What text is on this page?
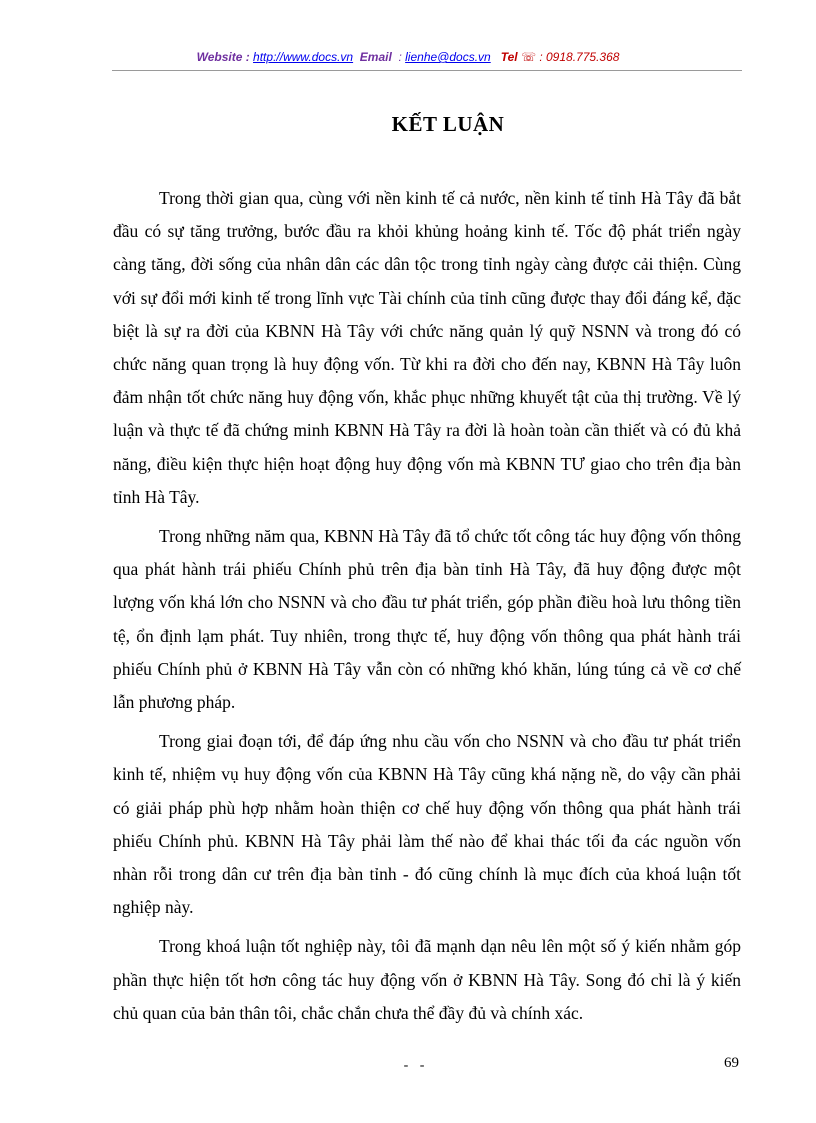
Website : http://www.docs.vn Email : lienhe@docs.vn Tel ☏ : 0918.775.368
KẾT LUẬN

Trong thời gian qua, cùng với nền kinh tế cả nước, nền kinh tế tỉnh Hà Tây đã bắt đầu có sự tăng trưởng, bước đầu ra khỏi khủng hoảng kinh tế. Tốc độ phát triển ngày càng tăng, đời sống của nhân dân các dân tộc trong tỉnh ngày càng được cải thiện. Cùng với sự đổi mới kinh tế trong lĩnh vực Tài chính của tỉnh cũng được thay đổi đáng kể, đặc biệt là sự ra đời của KBNN Hà Tây với chức năng quản lý quỹ NSNN và trong đó có chức năng quan trọng là huy động vốn. Từ khi ra đời cho đến nay, KBNN Hà Tây luôn đảm nhận tốt chức năng huy động vốn, khắc phục những khuyết tật của thị trường. Về lý luận và thực tế đã chứng minh KBNN Hà Tây ra đời là hoàn toàn cần thiết và có đủ khả năng, điều kiện thực hiện hoạt động huy động vốn mà KBNN TƯ giao cho trên địa bàn tỉnh Hà Tây.

Trong những năm qua, KBNN Hà Tây đã tổ chức tốt công tác huy động vốn thông qua phát hành trái phiếu Chính phủ trên địa bàn tỉnh Hà Tây, đã huy động được một lượng vốn khá lớn cho NSNN và cho đầu tư phát triển, góp phần điều hoà lưu thông tiền tệ, ổn định lạm phát. Tuy nhiên, trong thực tế, huy động vốn thông qua phát hành trái phiếu Chính phủ ở KBNN Hà Tây vẫn còn có những khó khăn, lúng túng cả về cơ chế lẫn phương pháp.

Trong giai đoạn tới, để đáp ứng nhu cầu vốn cho NSNN và cho đầu tư phát triển kinh tế, nhiệm vụ huy động vốn của KBNN Hà Tây cũng khá nặng nề, do vậy cần phải có giải pháp phù hợp nhằm hoàn thiện cơ chế huy động vốn thông qua phát hành trái phiếu Chính phủ. KBNN Hà Tây phải làm thế nào để khai thác tối đa các nguồn vốn nhàn rỗi trong dân cư trên địa bàn tỉnh - đó cũng chính là mục đích của khoá luận tốt nghiệp này.

Trong khoá luận tốt nghiệp này, tôi đã mạnh dạn nêu lên một số ý kiến nhằm góp phần thực hiện tốt hơn công tác huy động vốn ở KBNN Hà Tây. Song đó chỉ là ý kiến chủ quan của bản thân tôi, chắc chắn chưa thể đầy đủ và chính xác.

- -	69
